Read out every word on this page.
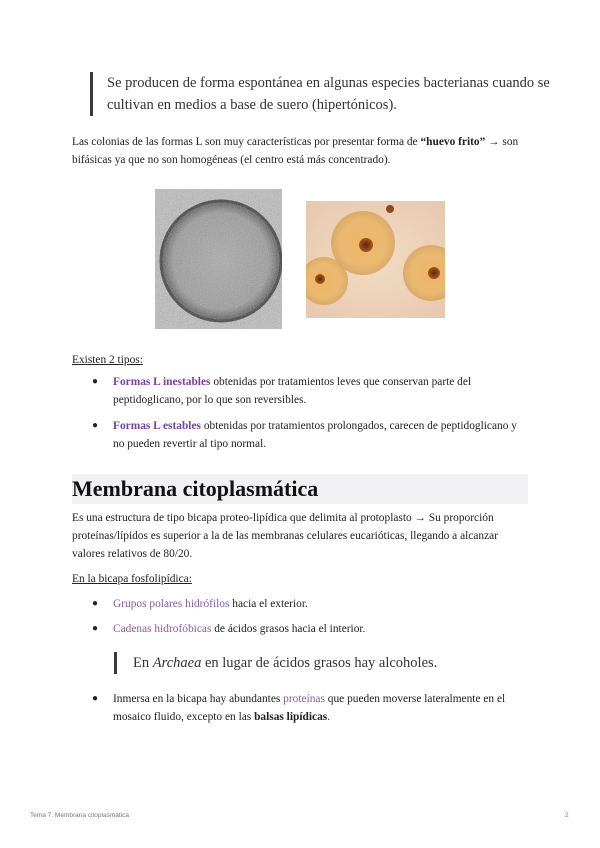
Se producen de forma espontánea en algunas especies bacterianas cuando se cultivan en medios a base de suero (hipertónicos).
Las colonias de las formas L son muy características por presentar forma de “huevo frito” → son bifásicas ya que no son homogéneas (el centro está más concentrado).
Existen 2 tipos:
● Formas L inestables obtenidas por tratamientos leves que conservan parte del peptidoglicano, por lo que son reversibles.
● Formas L estables obtenidas por tratamientos prolongados, carecen de peptidoglicano y no pueden revertir al tipo normal.
Membrana citoplasmática
Es una estructura de tipo bicapa proteo-lipídica que delimita al protoplasto → Su proporción proteínas/lípidos es superior a la de las membranas celulares eucarióticas, llegando a alcanzar valores relativos de 80/20.
En la bicapa fosfolipídica:
● Grupos polares hidrófilos hacia el exterior.
● Cadenas hidrofóbicas de ácidos grasos hacia el interior.
En Archaea en lugar de ácidos grasos hay alcoholes.
● Inmersa en la bicapa hay abundantes proteínas que pueden moverse lateralmente en el mosaico fluido, excepto en las balsas lipídicas.
Tema 7. Membrana citoplasmática	2
